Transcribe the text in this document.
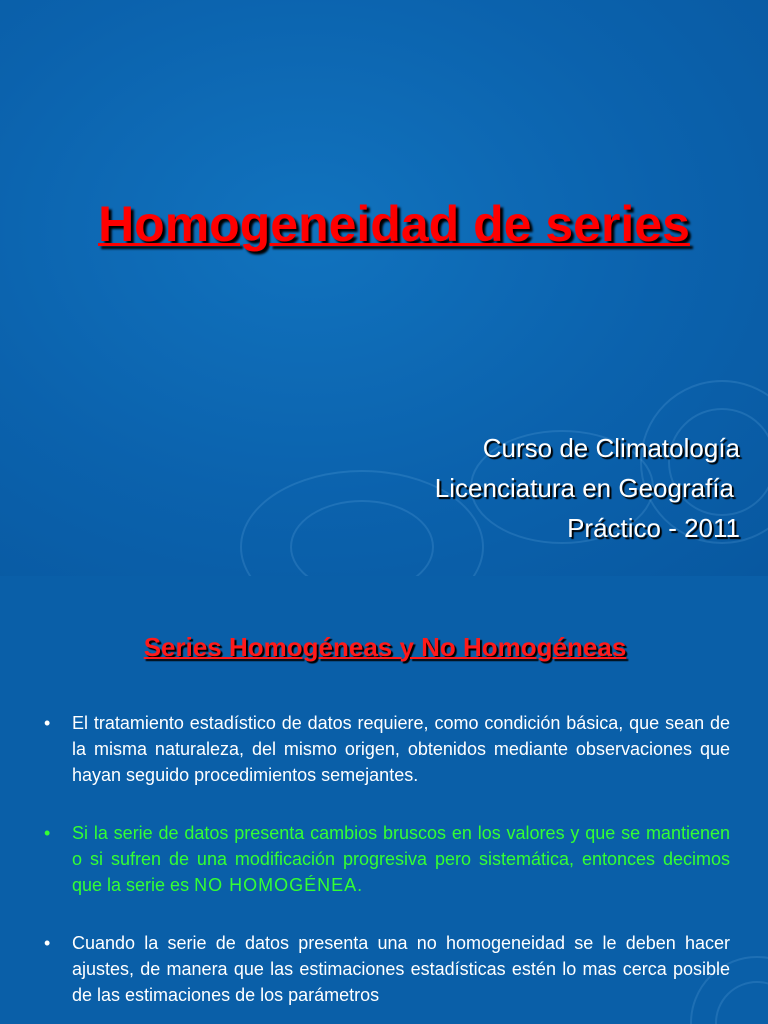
Homogeneidad de series

Curso de Climatología

Licenciatura en Geografía

Práctico - 2011

Series Homogéneas y No Homogéneas
• El tratamiento estadístico de datos requiere, como condición básica, que sean de la misma naturaleza, del mismo origen, obtenidos mediante observaciones que hayan seguido procedimientos semejantes.
• Si la serie de datos presenta cambios bruscos en los valores y que se mantienen o si sufren de una modificación progresiva pero sistemática, entonces decimos que la serie es NO HOMOGÉNEA.
• Cuando la serie de datos presenta una no homogeneidad se le deben hacer ajustes, de manera que las estimaciones estadísticas estén lo mas cerca posible de las estimaciones de los parámetros
